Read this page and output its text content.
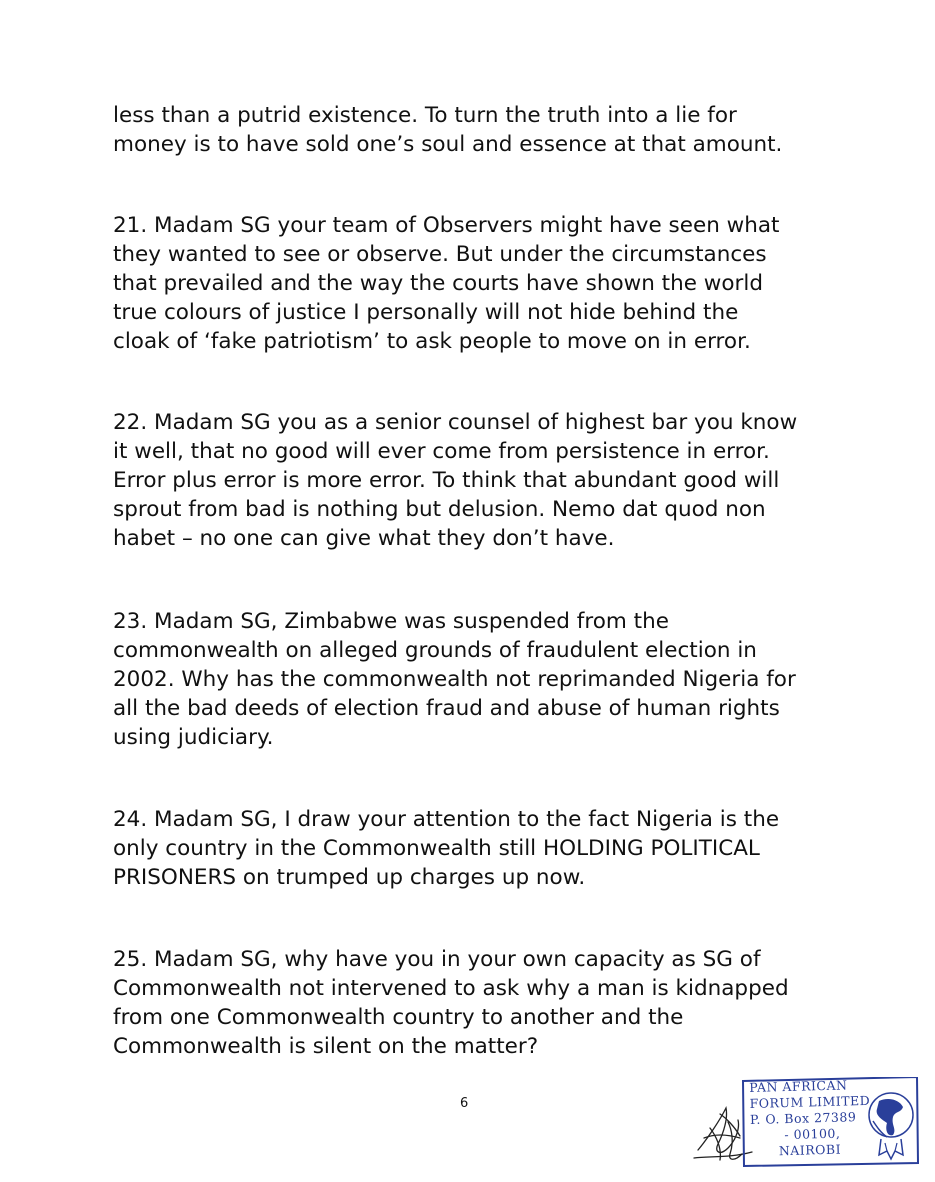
less than a putrid existence. To turn the truth into a lie for
money is to have sold one’s soul and essence at that amount.
21. Madam SG your team of Observers might have seen what
they wanted to see or observe. But under the circumstances
that prevailed and the way the courts have shown the world
true colours of justice I personally will not hide behind the
cloak of ‘fake patriotism’ to ask people to move on in error.
22. Madam SG you as a senior counsel of highest bar you know
it well, that no good will ever come from persistence in error.
Error plus error is more error. To think that abundant good will
sprout from bad is nothing but delusion. Nemo dat quod non
habet – no one can give what they don’t have.
23. Madam SG, Zimbabwe was suspended from the
commonwealth on alleged grounds of fraudulent election in
2002. Why has the commonwealth not reprimanded Nigeria for
all the bad deeds of election fraud and abuse of human rights
using judiciary.
24. Madam SG, I draw your attention to the fact Nigeria is the
only country in the Commonwealth still HOLDING POLITICAL
PRISONERS on trumped up charges up now.
25. Madam SG, why have you in your own capacity as SG of
Commonwealth not intervened to ask why a man is kidnapped
from one Commonwealth country to another and the
Commonwealth is silent on the matter?
6
PAN AFRICAN
FORUM LIMITED
P. O. Box 27389
- 00100,
NAIROBI
